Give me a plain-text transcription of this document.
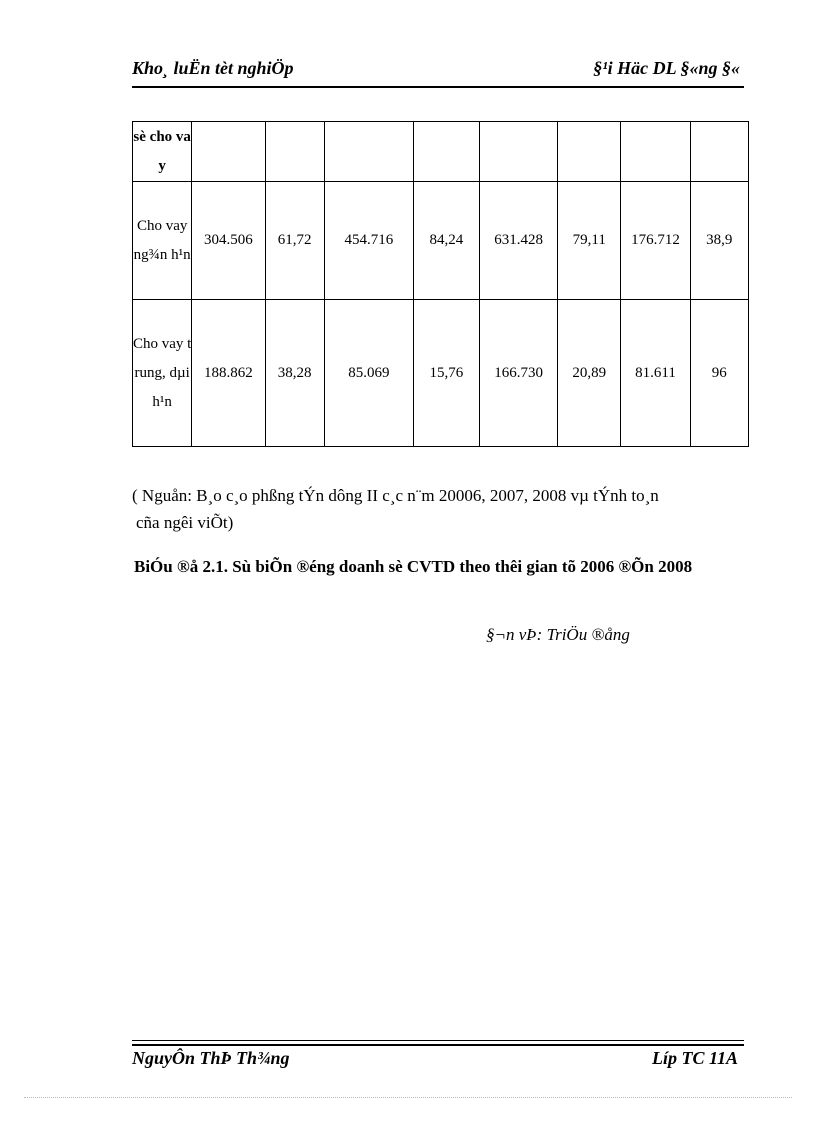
Kho¸ luËn tèt nghiÖp	§¹i Häc DL §«ng §«
sè cho vay								
Cho vay ng¾n h¹n	304.506	61,72	454.716	84,24	631.428	79,11	176.712	38,9
Cho vay trung, dµi h¹n	188.862	38,28	85.069	15,76	166.730	20,89	81.611	96
( Nguån: B¸o c¸o phßng tÝn dông II c¸c n¨m 20006, 2007, 2008 vµ tÝnh to¸n
cña ngêi viÕt)
BiÓu ®å 2.1. Sù biÕn ®éng doanh sè CVTD theo thêi gian tõ 2006 ®Õn 2008
§¬n vÞ: TriÖu ®ång
NguyÔn ThÞ Th¾ng	Líp TC 11A
